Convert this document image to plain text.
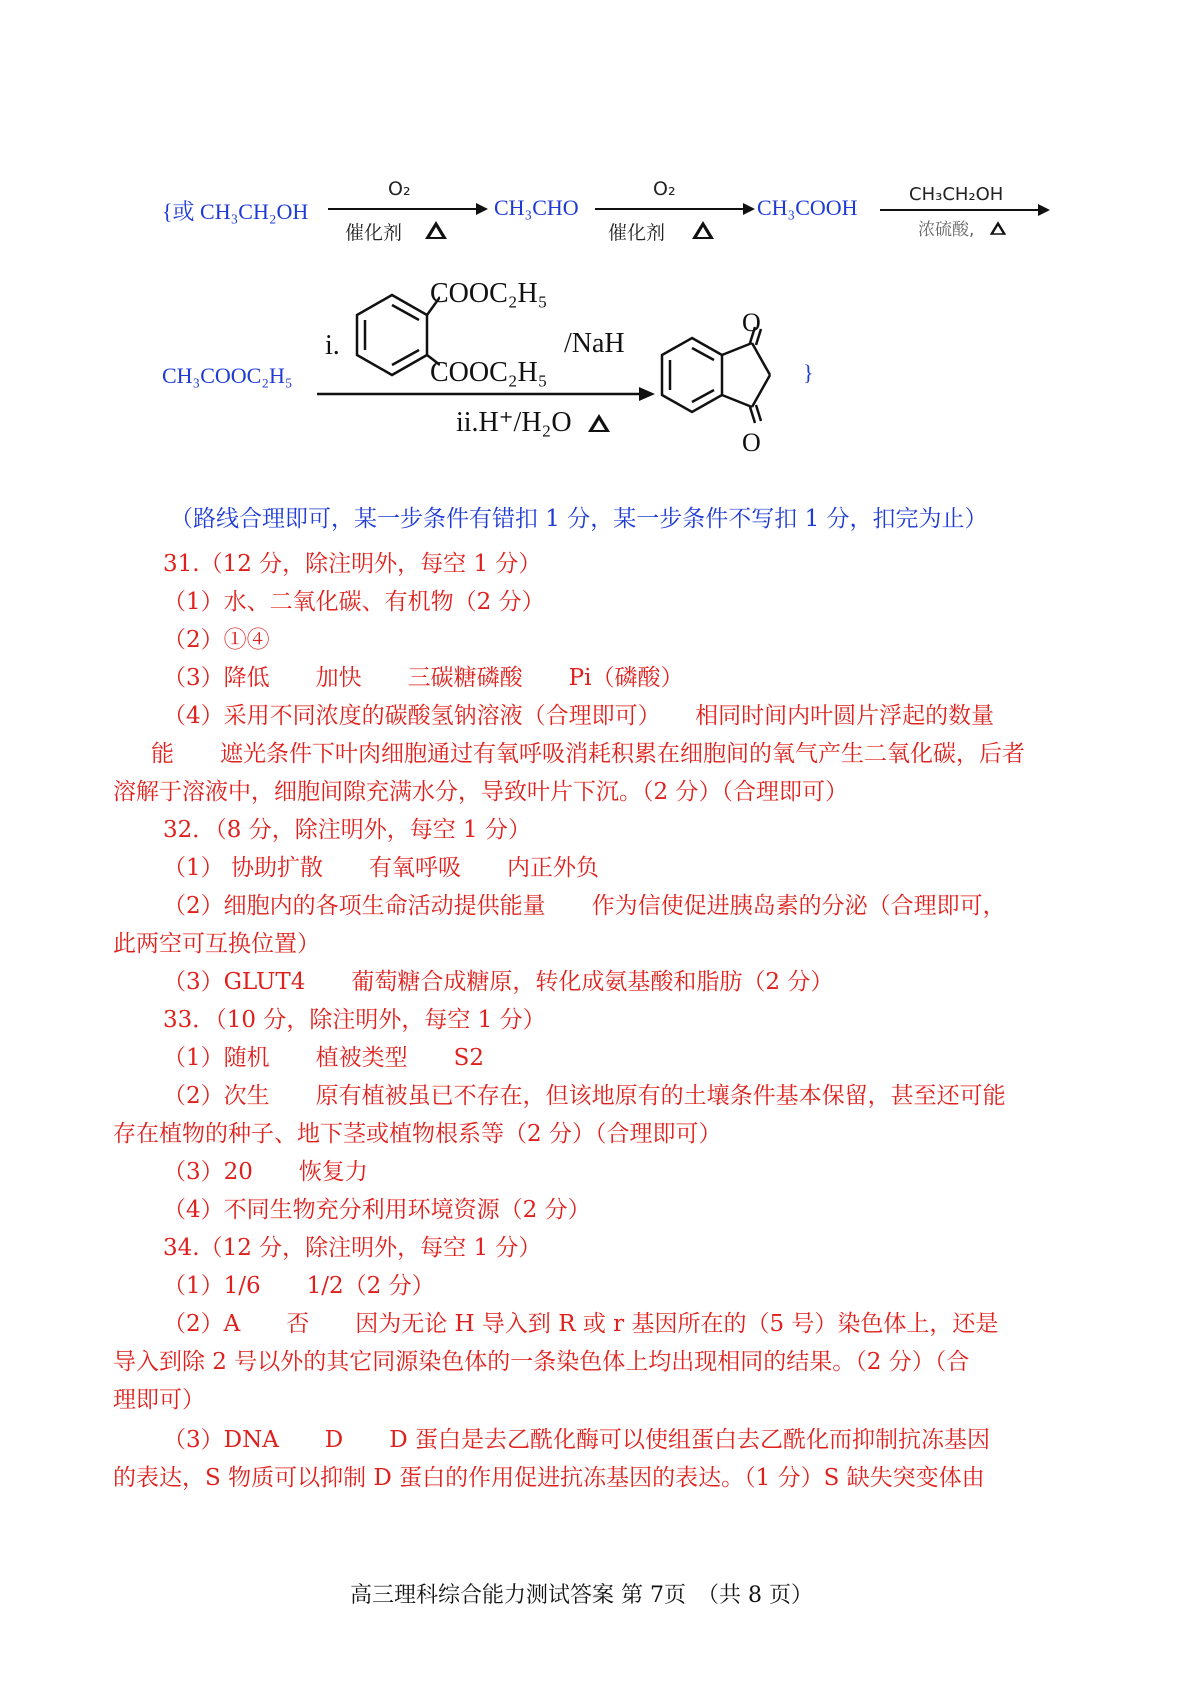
{或 CH₃CH₂OH
O₂
催化剂
CH₃CHO
O₂
催化剂
CH₃COOH
CH₃CH₂OH
浓硫酸,
CH₃COOC₂H₅
i.
COOC₂H₅
COOC₂H₅
/NaH
ii.H⁺/H₂O
O
O
}
（路线合理即可，某一步条件有错扣 1 分，某一步条件不写扣 1 分，扣完为止）
31.（12 分，除注明外，每空 1 分）
（1）水、二氧化碳、有机物（2 分）
（2）①④
（3）降低　　加快　　三碳糖磷酸　　Pi（磷酸）
（4）采用不同浓度的碳酸氢钠溶液（合理即可）　　相同时间内叶圆片浮起的数量
能　　遮光条件下叶肉细胞通过有氧呼吸消耗积累在细胞间的氧气产生二氧化碳，后者
溶解于溶液中，细胞间隙充满水分，导致叶片下沉。（2 分）（合理即可）
32．（8 分，除注明外，每空 1 分）
（1） 协助扩散　　有氧呼吸　　内正外负
（2）细胞内的各项生命活动提供能量　　作为信使促进胰岛素的分泌（合理即可，
此两空可互换位置）
（3）GLUT4　　葡萄糖合成糖原，转化成氨基酸和脂肪（2 分）
33．（10 分，除注明外，每空 1 分）
（1）随机　　植被类型　　S2
（2）次生　　原有植被虽已不存在，但该地原有的土壤条件基本保留，甚至还可能
存在植物的种子、地下茎或植物根系等（2 分）（合理即可）
（3）20　　恢复力
（4）不同生物充分利用环境资源（2 分）
34.（12 分，除注明外，每空 1 分）
（1）1/6　　1/2（2 分）
（2）A　　否　　因为无论 H 导入到 R 或 r 基因所在的（5 号）染色体上，还是
导入到除 2 号以外的其它同源染色体的一条染色体上均出现相同的结果。（2 分）（合
理即可）
（3）DNA　　D　　D 蛋白是去乙酰化酶可以使组蛋白去乙酰化而抑制抗冻基因
的表达，S 物质可以抑制 D 蛋白的作用促进抗冻基因的表达。（1 分）S 缺失突变体由
高三理科综合能力测试答案 第 7页　（共 8 页）
